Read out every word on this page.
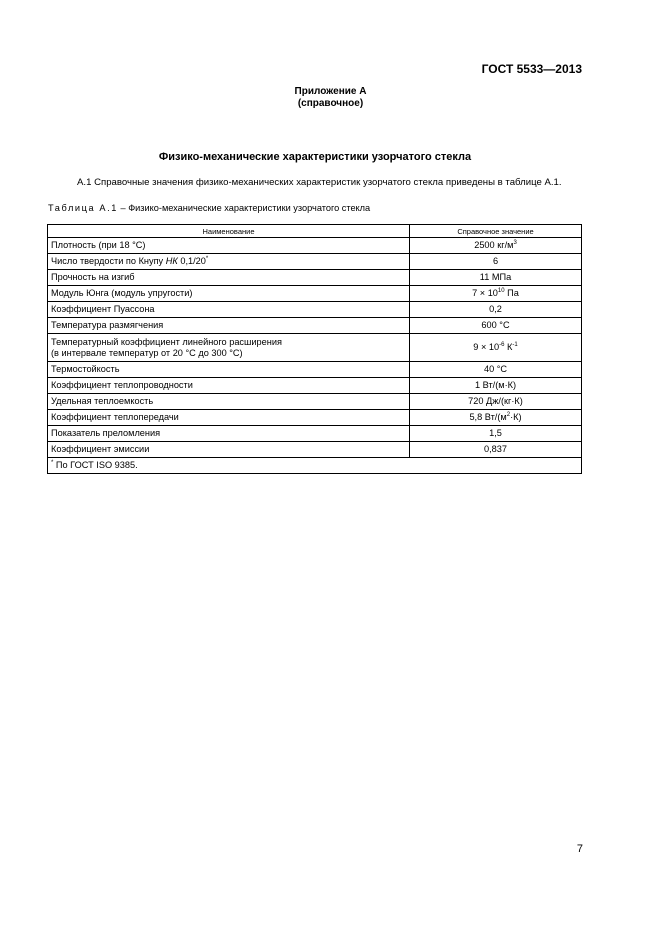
ГОСТ 5533—2013
Приложение А
(справочное)
Физико-механические характеристики узорчатого стекла
А.1 Справочные значения физико-механических характеристик узорчатого стекла приведены в таблице А.1.
Таблица А.1 – Физико-механические характеристики узорчатого стекла
Наименование	Справочное значение
Плотность (при 18 °С)	2500 $кг/м^3$
Число твердости по Кнупу НК 0,1/20*	6
Прочность на изгиб	11 МПа
Модуль Юнга (модуль упругости)	$7 \times 10^{10}$ Па
Коэффициент Пуассона	0,2
Температура размягчения	600 °С
Температурный коэффициент линейного расширения
(в интервале температур от 20 °С до 300 °С)	$9 \times 10^{-6}$ $К^{-1}$
Термостойкость	40 °С
Коэффициент теплопроводности	1 Вт/(м·К)
Удельная теплоемкость	720 Дж/(кг·К)
Коэффициент теплопередачи	5,8 $Вт/(м^2\cdot К)$
Показатель преломления	1,5
Коэффициент эмиссии	0,837
* По ГОСТ ISO 9385.	
7
